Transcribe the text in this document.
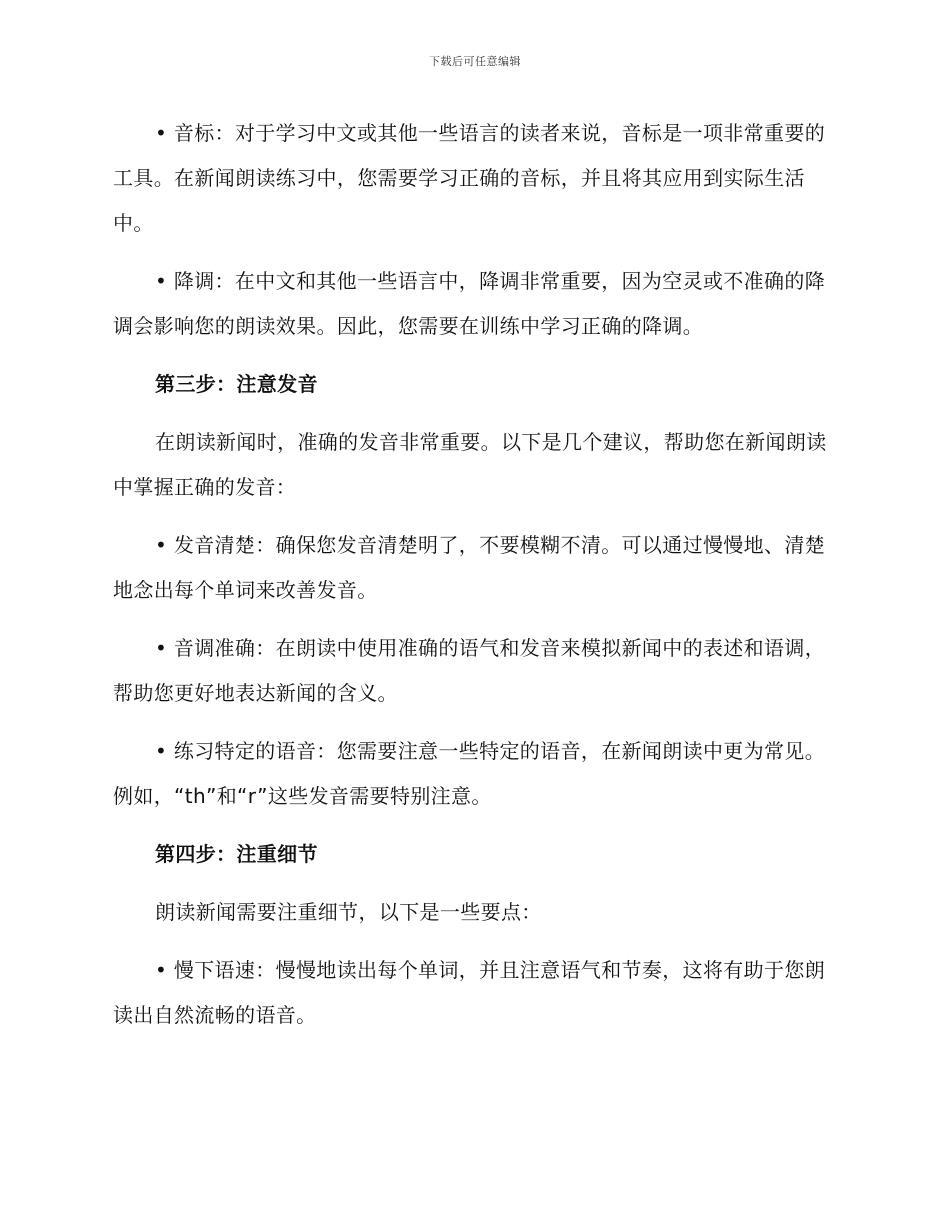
下载后可任意编辑

• 音标：对于学习中文或其他一些语言的读者来说，音标是一项非常重要的工具。在新闻朗读练习中，您需要学习正确的音标，并且将其应用到实际生活中。

• 降调：在中文和其他一些语言中，降调非常重要，因为空灵或不准确的降调会影响您的朗读效果。因此，您需要在训练中学习正确的降调。

第三步：注意发音

在朗读新闻时，准确的发音非常重要。以下是几个建议，帮助您在新闻朗读中掌握正确的发音：

• 发音清楚：确保您发音清楚明了，不要模糊不清。可以通过慢慢地、清楚地念出每个单词来改善发音。

• 音调准确：在朗读中使用准确的语气和发音来模拟新闻中的表述和语调，帮助您更好地表达新闻的含义。

• 练习特定的语音：您需要注意一些特定的语音，在新闻朗读中更为常见。例如，“th”和“r”这些发音需要特别注意。

第四步：注重细节

朗读新闻需要注重细节，以下是一些要点：

• 慢下语速：慢慢地读出每个单词，并且注意语气和节奏，这将有助于您朗读出自然流畅的语音。
